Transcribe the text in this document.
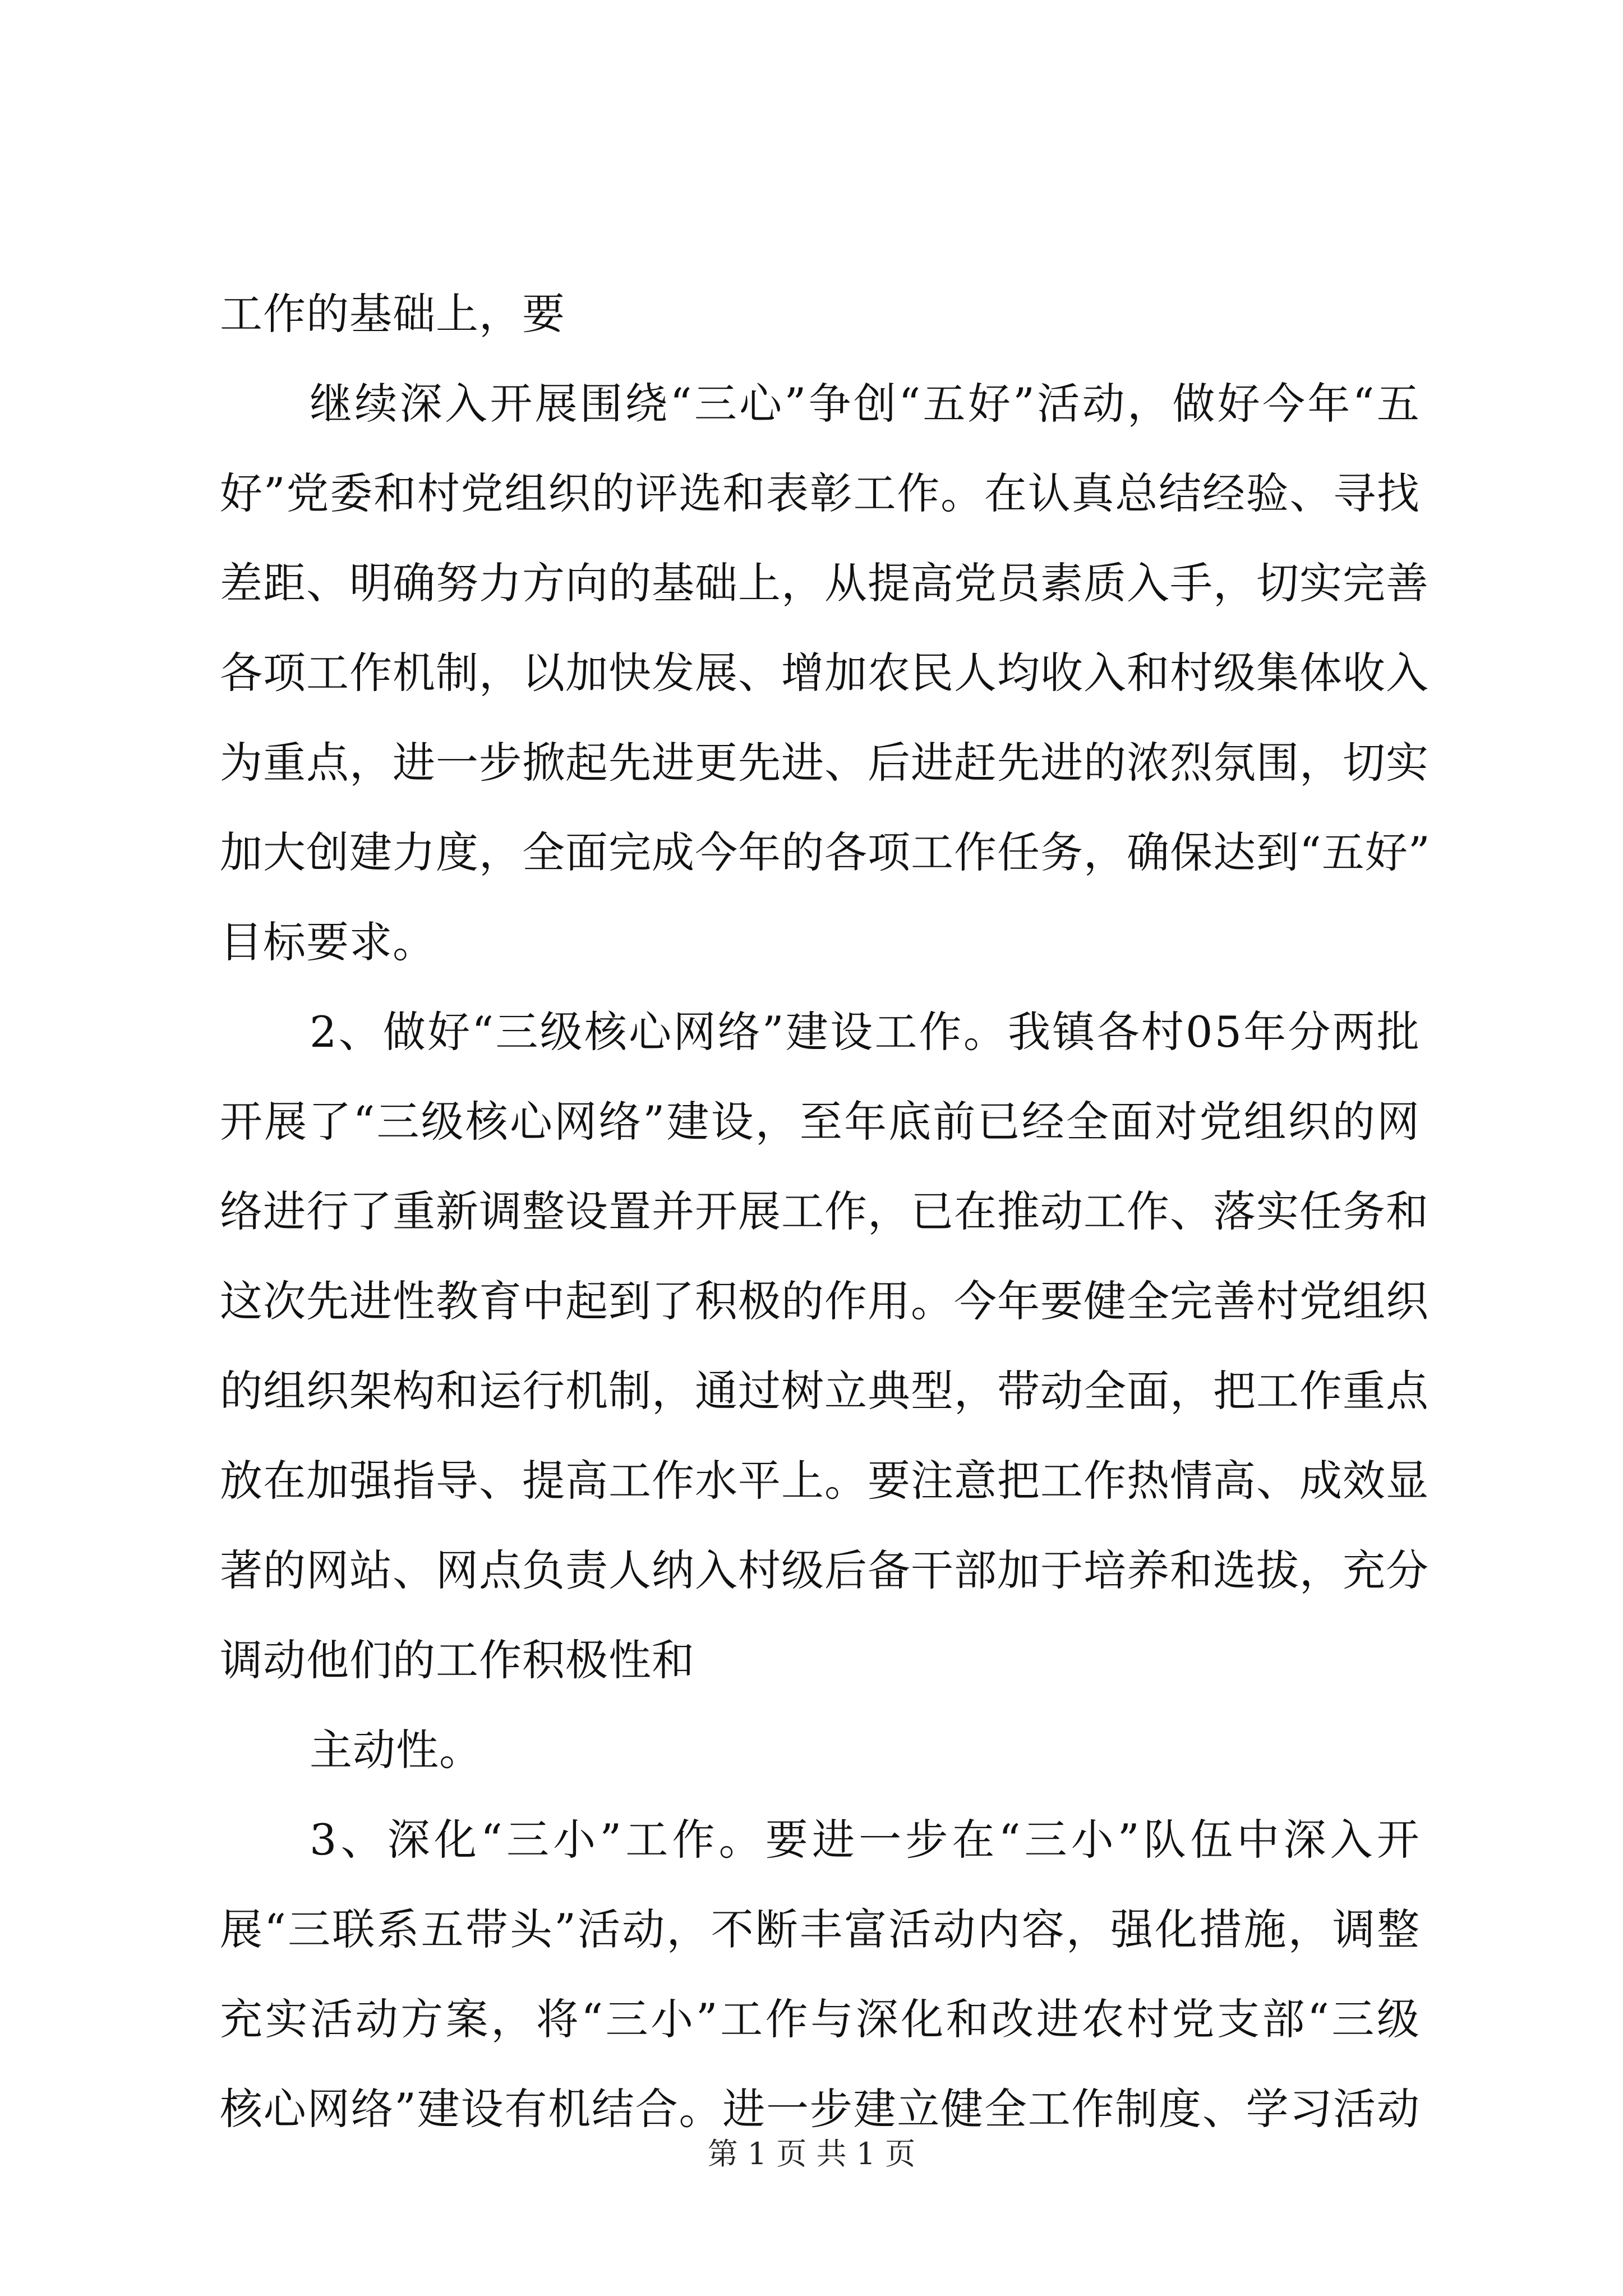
工作的基础上，要
继 续 深 入 开 展 围 绕 “ 三 心 ” 争 创 “ 五 好 ” 活 动 ， 做 好 今 年 “ 五
好 ” 党 委 和 村 党 组 织 的 评 选 和 表 彰 工 作 。 在 认 真 总 结 经 验 、 寻 找
差 距 、 明 确 努 力 方 向 的 基 础 上 ， 从 提 高 党 员 素 质 入 手 ， 切 实 完 善
各 项 工 作 机 制 ， 以 加 快 发 展 、 增 加 农 民 人 均 收 入 和 村 级 集 体 收 入
为 重 点 ， 进 一 步 掀 起 先 进 更 先 进 、 后 进 赶 先 进 的 浓 烈 氛 围 ， 切 实
加 大 创 建 力 度 ， 全 面 完 成 今 年 的 各 项 工 作 任 务 ， 确 保 达 到 “ 五 好 ”
目标要求。
2 、 做 好 “ 三 级 核 心 网 络 ” 建 设 工 作 。 我 镇 各 村 0 5 年 分 两 批
开 展 了 “ 三 级 核 心 网 络 ” 建 设 ， 至 年 底 前 已 经 全 面 对 党 组 织 的 网
络 进 行 了 重 新 调 整 设 置 并 开 展 工 作 ， 已 在 推 动 工 作 、 落 实 任 务 和
这 次 先 进 性 教 育 中 起 到 了 积 极 的 作 用 。 今 年 要 健 全 完 善 村 党 组 织
的 组 织 架 构 和 运 行 机 制 ， 通 过 树 立 典 型 ， 带 动 全 面 ， 把 工 作 重 点
放 在 加 强 指 导 、 提 高 工 作 水 平 上 。 要 注 意 把 工 作 热 情 高 、 成 效 显
著 的 网 站 、 网 点 负 责 人 纳 入 村 级 后 备 干 部 加 于 培 养 和 选 拔 ， 充 分
调动他们的工作积极性和
主动性。
3 、 深 化 “ 三 小 ” 工 作 。 要 进 一 步 在 “ 三 小 ” 队 伍 中 深 入 开
展 “ 三 联 系 五 带 头 ” 活 动 ， 不 断 丰 富 活 动 内 容 ， 强 化 措 施 ， 调 整
充 实 活 动 方 案 ， 将 “ 三 小 ” 工 作 与 深 化 和 改 进 农 村 党 支 部 “ 三 级
核 心 网 络 ” 建 设 有 机 结 合 。 进 一 步 建 立 健 全 工 作 制 度 、 学 习 活 动
第 1 页 共 1 页
